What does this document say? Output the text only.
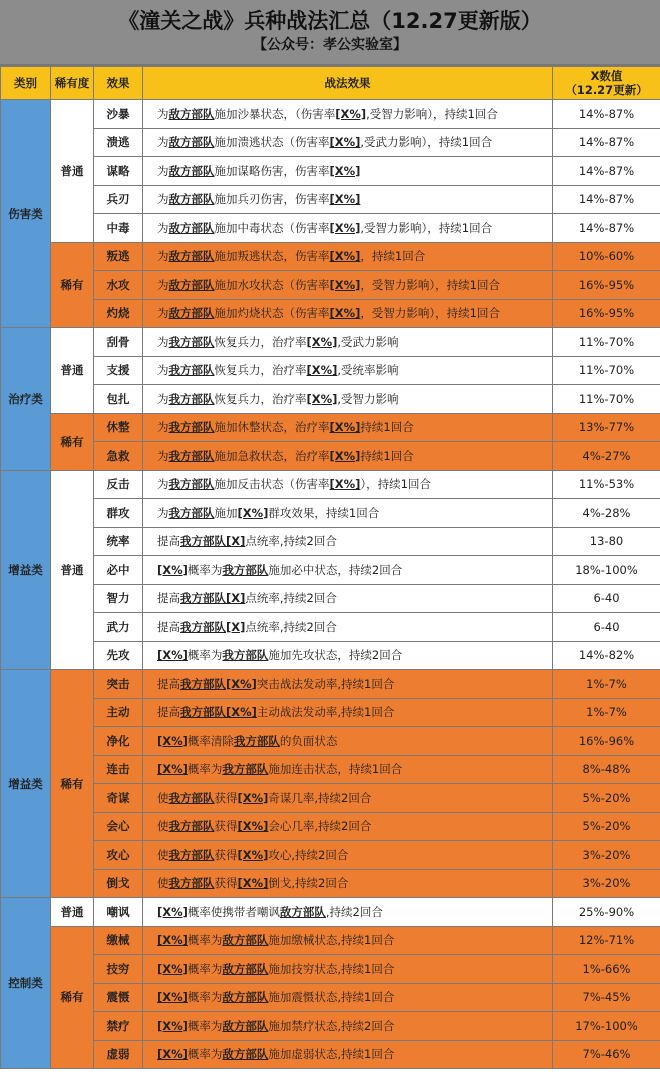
《潼关之战》兵种战法汇总（12.27更新版）
【公众号：孝公实验室】
类别	稀有度	效果	战法效果	X数值
（12.27更新）
伤害类	普通	沙暴	为敌方部队施加沙暴状态，（伤害率[X%],受智力影响），持续1回合	14%-87%
		溃逃	为敌方部队施加溃逃状态（伤害率[X%],受武力影响），持续1回合	14%-87%
		谋略	为敌方部队施加谋略伤害，伤害率[X%]	14%-87%
		兵刃	为敌方部队施加兵刃伤害，伤害率[X%]	14%-87%
		中毒	为敌方部队施加中毒状态（伤害率[X%],受智力影响），持续1回合	14%-87%
	稀有	叛逃	为敌方部队施加叛逃状态，伤害率[X%]，持续1回合	10%-60%
		水攻	为敌方部队施加水攻状态（伤害率[X%]，受智力影响），持续1回合	16%-95%
		灼烧	为敌方部队施加灼烧状态（伤害率[X%]，受智力影响），持续1回合	16%-95%
治疗类	普通	刮骨	为我方部队恢复兵力，治疗率[X%],受武力影响	11%-70%
		支援	为我方部队恢复兵力，治疗率[X%],受统率影响	11%-70%
		包扎	为我方部队恢复兵力，治疗率[X%],受智力影响	11%-70%
	稀有	休整	为我方部队施加休整状态，治疗率[X%]持续1回合	13%-77%
		急救	为我方部队施加急救状态，治疗率[X%]持续1回合	4%-27%
增益类	普通	反击	为我方部队施加反击状态（伤害率[X%]），持续1回合	11%-53%
		群攻	为我方部队施加[X%]群攻效果，持续1回合	4%-28%
		统率	提高我方部队[X]点统率,持续2回合	13-80
		必中	[X%]概率为我方部队施加必中状态，持续2回合	18%-100%
		智力	提高我方部队[X]点统率,持续2回合	6-40
		武力	提高我方部队[X]点统率,持续2回合	6-40
		先攻	[X%]概率为我方部队施加先攻状态，持续2回合	14%-82%
增益类	稀有	突击	提高我方部队[X%]突击战法发动率,持续1回合	1%-7%
		主动	提高我方部队[X%]主动战法发动率,持续1回合	1%-7%
		净化	[X%]概率清除我方部队的负面状态	16%-96%
		连击	[X%]概率为我方部队施加连击状态，持续1回合	8%-48%
		奇谋	使我方部队获得[X%]奇谋几率,持续2回合	5%-20%
		会心	使我方部队获得[X%]会心几率,持续2回合	5%-20%
		攻心	使我方部队获得[X%]攻心,持续2回合	3%-20%
		倒戈	使我方部队获得[X%]倒戈,持续2回合	3%-20%
控制类	普通	嘲讽	[X%]概率使携带者嘲讽敌方部队,持续2回合	25%-90%
	稀有	缴械	[X%]概率为敌方部队施加缴械状态,持续1回合	12%-71%
		技穷	[X%]概率为敌方部队施加技穷状态,持续1回合	1%-66%
		震慑	[X%]概率为敌方部队施加震慑状态,持续1回合	7%-45%
		禁疗	[X%]概率为敌方部队施加禁疗状态,持续2回合	17%-100%
		虚弱	[X%]概率为敌方部队施加虚弱状态,持续1回合	7%-46%
